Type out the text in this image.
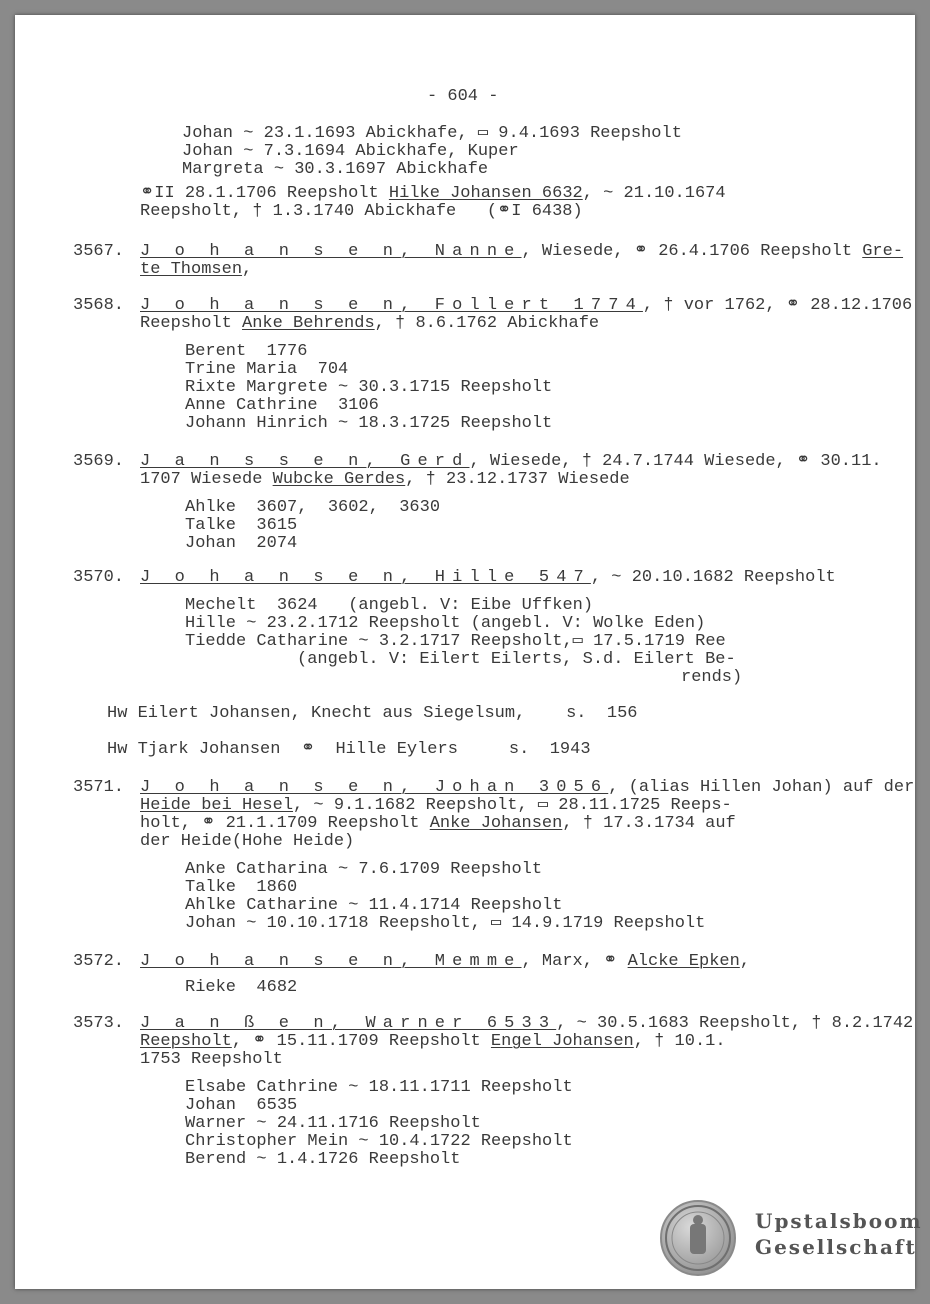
- 604 -
Johan ~ 23.1.1693 Abickhafe, ▭ 9.4.1693 Reepsholt
Johan ~ 7.3.1694 Abickhafe, Kuper
Margreta ~ 30.3.1697 Abickhafe
⚭II 28.1.1706 Reepsholt Hilke Johansen 6632, ~ 21.10.1674
Reepsholt, † 1.3.1740 Abickhafe   (⚭I 6438)
3567. J o h a n s e n, Nanne, Wiesede, ⚭ 26.4.1706 Reepsholt Gre-
te Thomsen,
3568. J o h a n s e n, Follert 1774, † vor 1762, ⚭ 28.12.1706
Reepsholt Anke Behrends, † 8.6.1762 Abickhafe
Berent  1776
Trine Maria  704
Rixte Margrete ~ 30.3.1715 Reepsholt
Anne Cathrine  3106
Johann Hinrich ~ 18.3.1725 Reepsholt
3569. J a n s s e n, Gerd, Wiesede, † 24.7.1744 Wiesede, ⚭ 30.11.
1707 Wiesede Wubcke Gerdes, † 23.12.1737 Wiesede
Ahlke  3607,  3602,  3630
Talke  3615
Johan  2074
3570. J o h a n s e n, Hille 547, ~ 20.10.1682 Reepsholt
Mechelt  3624   (angebl. V: Eibe Uffken)
Hille ~ 23.2.1712 Reepsholt (angebl. V: Wolke Eden)
Tiedde Catharine ~ 3.2.1717 Reepsholt,▭ 17.5.1719 Ree
(angebl. V: Eilert Eilerts, S.d. Eilert Be-
rends)
Hw Eilert Johansen, Knecht aus Siegelsum,    s.  156
Hw Tjark Johansen  ⚭  Hille Eylers     s.  1943
3571. J o h a n s e n, Johan 3056, (alias Hillen Johan) auf der
Heide bei Hesel, ~ 9.1.1682 Reepsholt, ▭ 28.11.1725 Reeps-
holt, ⚭ 21.1.1709 Reepsholt Anke Johansen, † 17.3.1734 auf
der Heide(Hohe Heide)
Anke Catharina ~ 7.6.1709 Reepsholt
Talke  1860
Ahlke Catharine ~ 11.4.1714 Reepsholt
Johan ~ 10.10.1718 Reepsholt, ▭ 14.9.1719 Reepsholt
3572. J o h a n s e n, Memme, Marx, ⚭ Alcke Epken,
Rieke  4682
3573. J a n ß e n, Warner 6533, ~ 30.5.1683 Reepsholt, † 8.2.1742
Reepsholt, ⚭ 15.11.1709 Reepsholt Engel Johansen, † 10.1.
1753 Reepsholt
Elsabe Cathrine ~ 18.11.1711 Reepsholt
Johan  6535
Warner ~ 24.11.1716 Reepsholt
Christopher Mein ~ 10.4.1722 Reepsholt
Berend ~ 1.4.1726 Reepsholt
Upstalsboom
Gesellschaft
